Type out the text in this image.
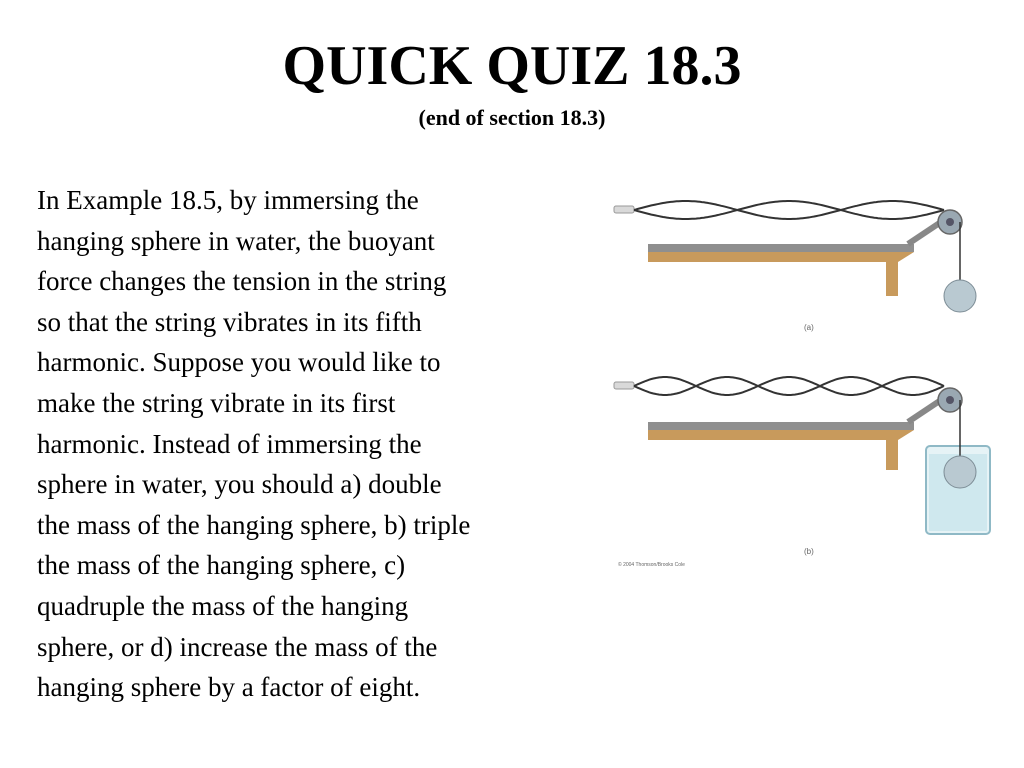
QUICK QUIZ 18.3
(end of section 18.3)
In Example 18.5, by immersing the
hanging sphere in water, the buoyant
force changes the tension in the string
so that the string vibrates in its fifth
harmonic. Suppose you would like to
make the string vibrate in its first
harmonic. Instead of immersing the
sphere in water, you should a) double
the mass of the hanging sphere, b) triple
the mass of the hanging sphere, c)
quadruple the mass of the hanging
sphere, or d) increase the mass of the
hanging sphere by a factor of eight.
(a)
(b)
© 2004 Thomson/Brooks Cole
